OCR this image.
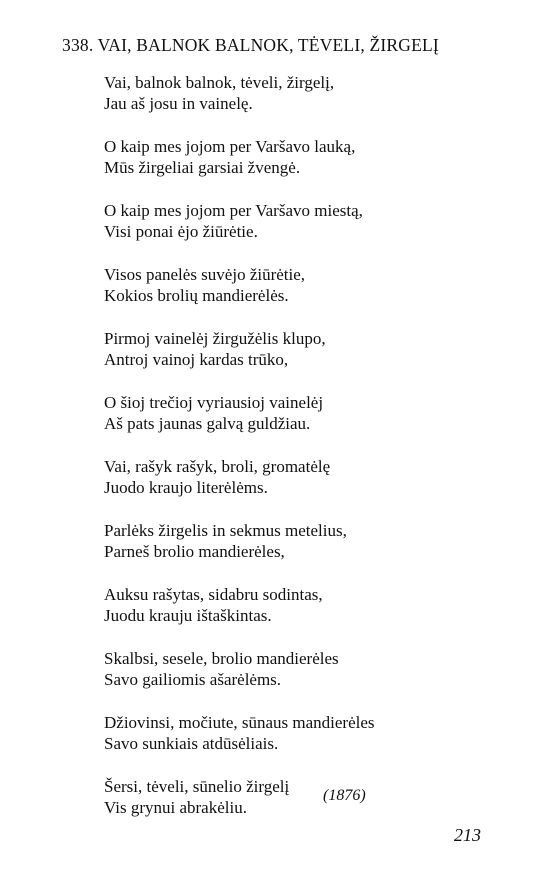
338. VAI, BALNOK BALNOK, TĖVELI, ŽIRGELĮ
Vai, balnok balnok, tėveli, žirgelį,
Jau aš josu in vainelę.
O kaip mes jojom per Varšavo lauką,
Mūs žirgeliai garsiai žvengė.
O kaip mes jojom per Varšavo miestą,
Visi ponai ėjo žiūrėtie.
Visos panelės suvėjo žiūrėtie,
Kokios brolių mandierėlės.
Pirmoj vainelėj žirgužėlis klupo,
Antroj vainoj kardas trūko,
O šioj trečioj vyriausioj vainelėj
Aš pats jaunas galvą guldžiau.
Vai, rašyk rašyk, broli, gromatėlę
Juodo kraujo literėlėms.
Parlėks žirgelis in sekmus metelius,
Parneš brolio mandierėles,
Auksu rašytas, sidabru sodintas,
Juodu krauju ištaškintas.
Skalbsi, sesele, brolio mandierėles
Savo gailiomis ašarėlėms.
Džiovinsi, močiute, sūnaus mandierėles
Savo sunkiais atdūsėliais.
Šersi, tėveli, sūnelio žirgelį
Vis grynui abrakėliu.
(1876)
213
